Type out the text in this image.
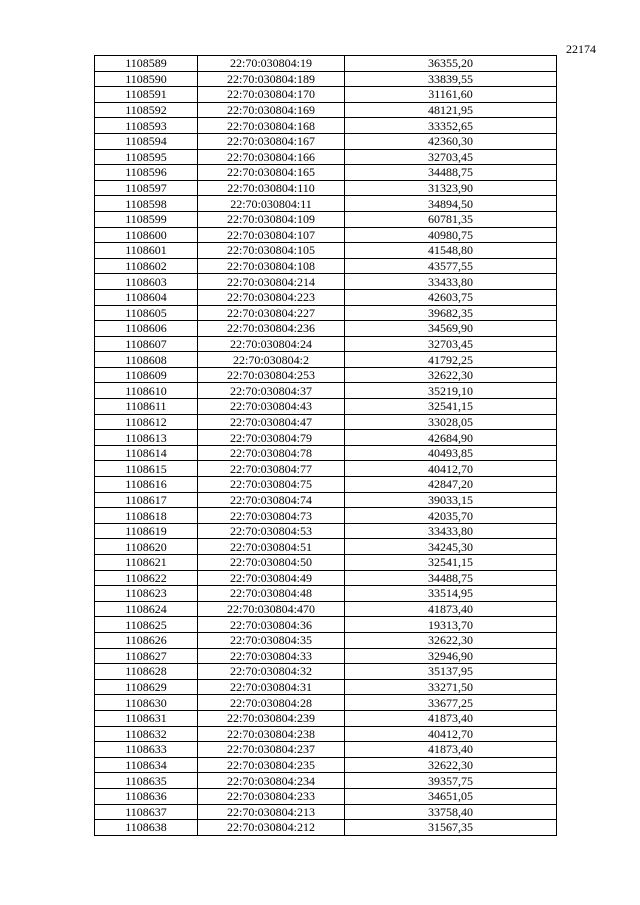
22174
1108589	22:70:030804:19	36355,20
1108590	22:70:030804:189	33839,55
1108591	22:70:030804:170	31161,60
1108592	22:70:030804:169	48121,95
1108593	22:70:030804:168	33352,65
1108594	22:70:030804:167	42360,30
1108595	22:70:030804:166	32703,45
1108596	22:70:030804:165	34488,75
1108597	22:70:030804:110	31323,90
1108598	22:70:030804:11	34894,50
1108599	22:70:030804:109	60781,35
1108600	22:70:030804:107	40980,75
1108601	22:70:030804:105	41548,80
1108602	22:70:030804:108	43577,55
1108603	22:70:030804:214	33433,80
1108604	22:70:030804:223	42603,75
1108605	22:70:030804:227	39682,35
1108606	22:70:030804:236	34569,90
1108607	22:70:030804:24	32703,45
1108608	22:70:030804:2	41792,25
1108609	22:70:030804:253	32622,30
1108610	22:70:030804:37	35219,10
1108611	22:70:030804:43	32541,15
1108612	22:70:030804:47	33028,05
1108613	22:70:030804:79	42684,90
1108614	22:70:030804:78	40493,85
1108615	22:70:030804:77	40412,70
1108616	22:70:030804:75	42847,20
1108617	22:70:030804:74	39033,15
1108618	22:70:030804:73	42035,70
1108619	22:70:030804:53	33433,80
1108620	22:70:030804:51	34245,30
1108621	22:70:030804:50	32541,15
1108622	22:70:030804:49	34488,75
1108623	22:70:030804:48	33514,95
1108624	22:70:030804:470	41873,40
1108625	22:70:030804:36	19313,70
1108626	22:70:030804:35	32622,30
1108627	22:70:030804:33	32946,90
1108628	22:70:030804:32	35137,95
1108629	22:70:030804:31	33271,50
1108630	22:70:030804:28	33677,25
1108631	22:70:030804:239	41873,40
1108632	22:70:030804:238	40412,70
1108633	22:70:030804:237	41873,40
1108634	22:70:030804:235	32622,30
1108635	22:70:030804:234	39357,75
1108636	22:70:030804:233	34651,05
1108637	22:70:030804:213	33758,40
1108638	22:70:030804:212	31567,35
